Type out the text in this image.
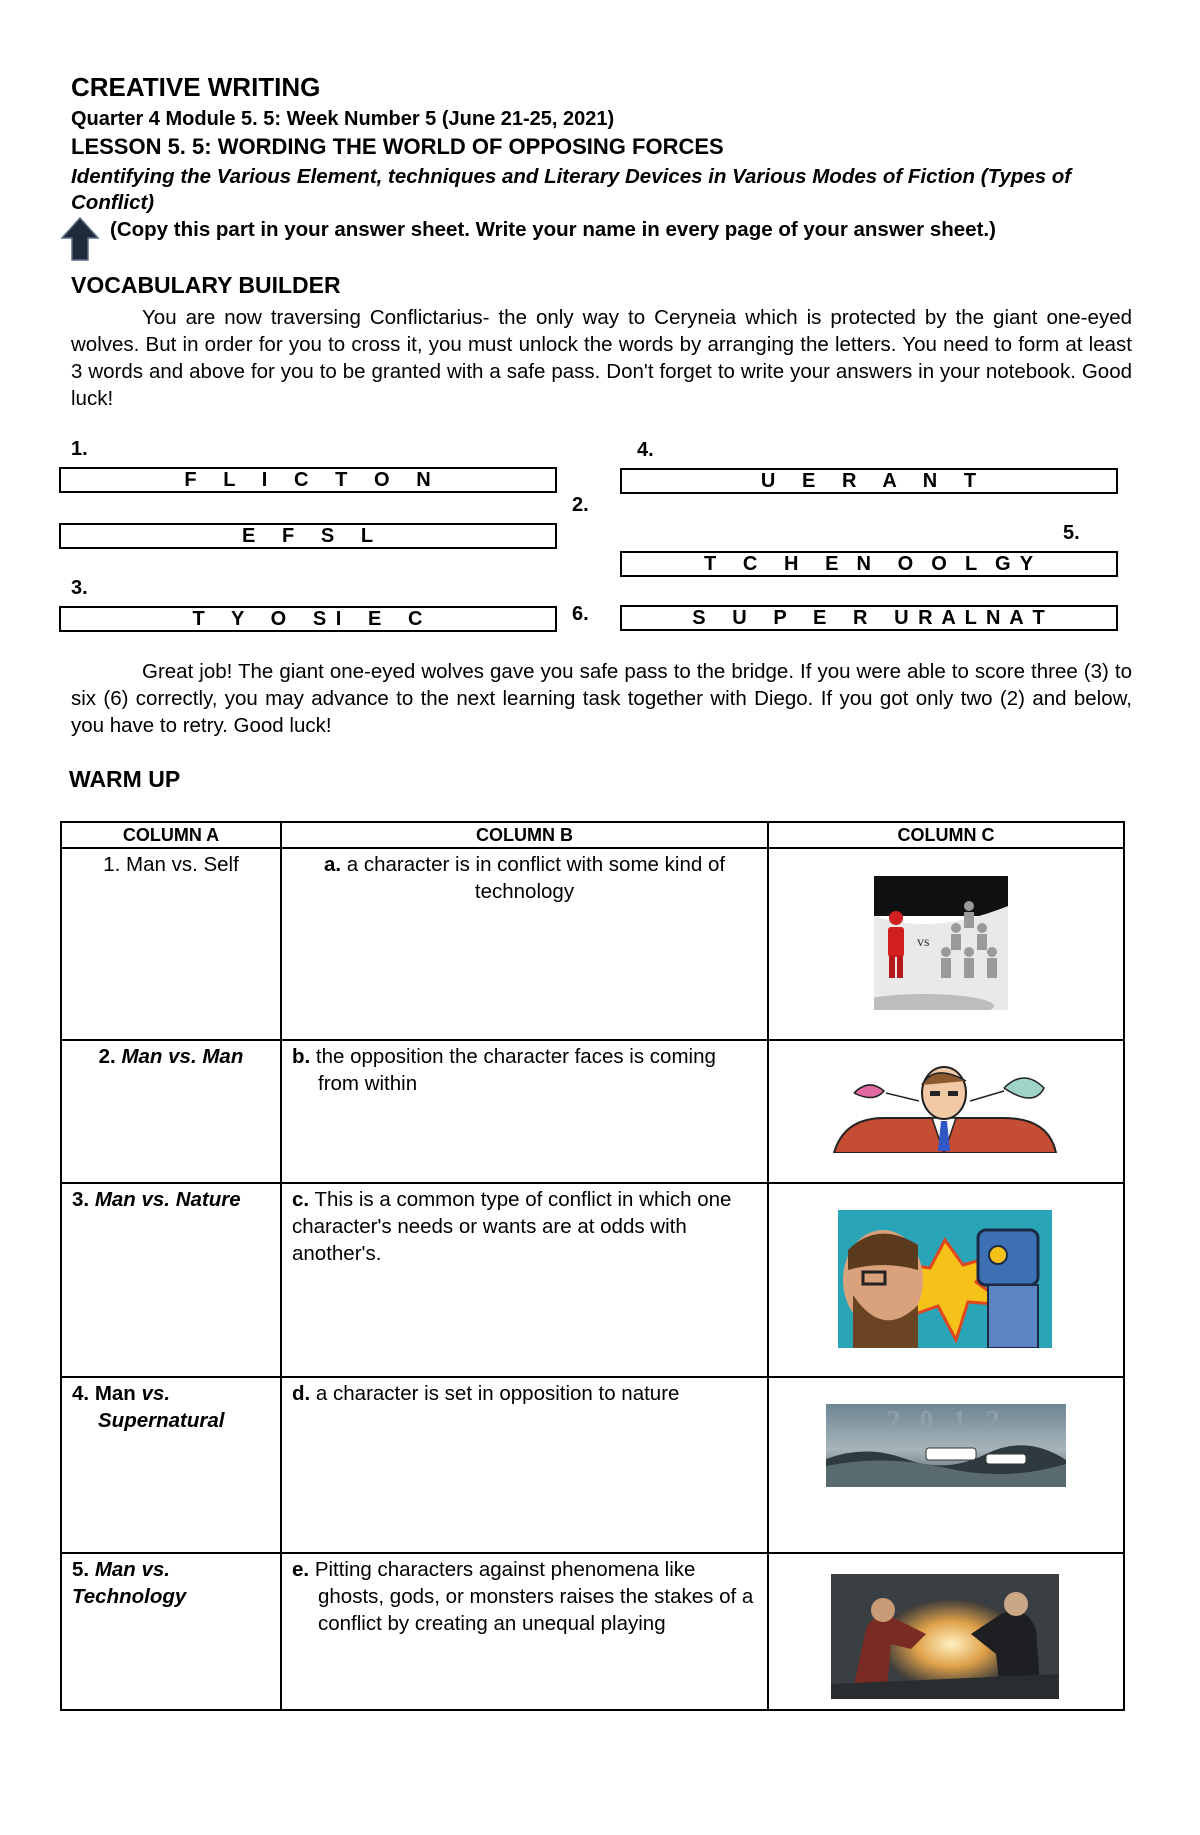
CREATIVE WRITING
Quarter 4 Module 5. 5: Week Number 5 (June 21-25, 2021)
LESSON 5. 5: WORDING THE WORLD OF OPPOSING FORCES
Identifying the Various Element, techniques and Literary Devices in Various Modes of Fiction (Types of Conflict)
(Copy this part in your answer sheet. Write your name in every page of your answer sheet.)
VOCABULARY BUILDER

You are now traversing Conflictarius- the only way to Ceryneia which is protected by the giant one-eyed wolves. But in order for you to cross it, you must unlock the words by arranging the letters. You need to form at least 3 words and above for you to be granted with a safe pass. Don't forget to write your answers in your notebook. Good luck!

1.
F   L   I   C   T   O   N
2.
E   F   S   L
3.
T   Y   O   S I   E   C
4.
U   E   R   A   N   T
5.
T   C   H   E  N   O  O  L  G Y
6.	S   U   P   E   R   U R A L N A T

Great job! The giant one-eyed wolves gave you safe pass to the bridge. If you were able to score three (3) to six (6) correctly, you may advance to the next learning task together with Diego. If you got only two (2) and below, you have to retry. Good luck!

WARM UP
COLUMN A	COLUMN B	COLUMN C
1. Man vs. Self	a. a character is in conflict with some kind of technology	vs

2. Man vs. Man	b. the opposition the character faces is coming from within

3. Man vs. Nature	c. This is a common type of conflict in which one character's needs or wants are at odds with another's.

4. Man vs.
Supernatural	d. a character is set in opposition to nature	2 0 1 2

5. Man vs. Technology	e. Pitting characters against phenomena like ghosts, gods, or monsters raises the stakes of a conflict by creating an unequal playing
